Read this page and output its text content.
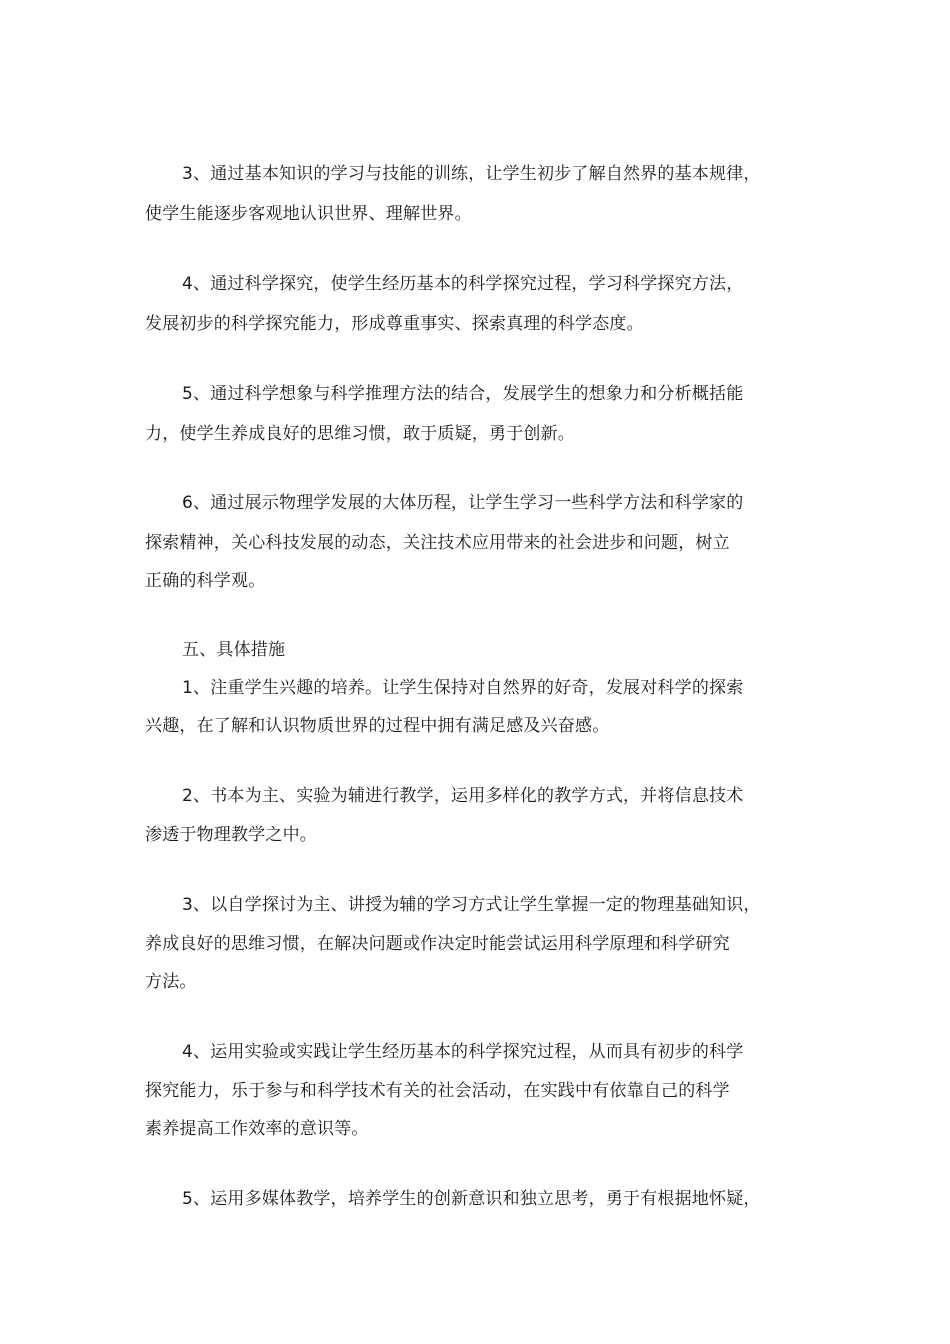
3、通过基本知识的学习与技能的训练，让学生初步了解自然界的基本规律，
使学生能逐步客观地认识世界、理解世界。
4、通过科学探究，使学生经历基本的科学探究过程，学习科学探究方法，
发展初步的科学探究能力，形成尊重事实、探索真理的科学态度。
5、通过科学想象与科学推理方法的结合，发展学生的想象力和分析概括能
力，使学生养成良好的思维习惯，敢于质疑，勇于创新。
6、通过展示物理学发展的大体历程，让学生学习一些科学方法和科学家的
探索精神，关心科技发展的动态，关注技术应用带来的社会进步和问题，树立
正确的科学观。
五、具体措施
1、注重学生兴趣的培养。让学生保持对自然界的好奇，发展对科学的探索
兴趣，在了解和认识物质世界的过程中拥有满足感及兴奋感。
2、书本为主、实验为辅进行教学，运用多样化的教学方式，并将信息技术
渗透于物理教学之中。
3、以自学探讨为主、讲授为辅的学习方式让学生掌握一定的物理基础知识，
养成良好的思维习惯，在解决问题或作决定时能尝试运用科学原理和科学研究
方法。
4、运用实验或实践让学生经历基本的科学探究过程，从而具有初步的科学
探究能力，乐于参与和科学技术有关的社会活动，在实践中有依靠自己的科学
素养提高工作效率的意识等。
5、运用多媒体教学，培养学生的创新意识和独立思考，勇于有根据地怀疑，
